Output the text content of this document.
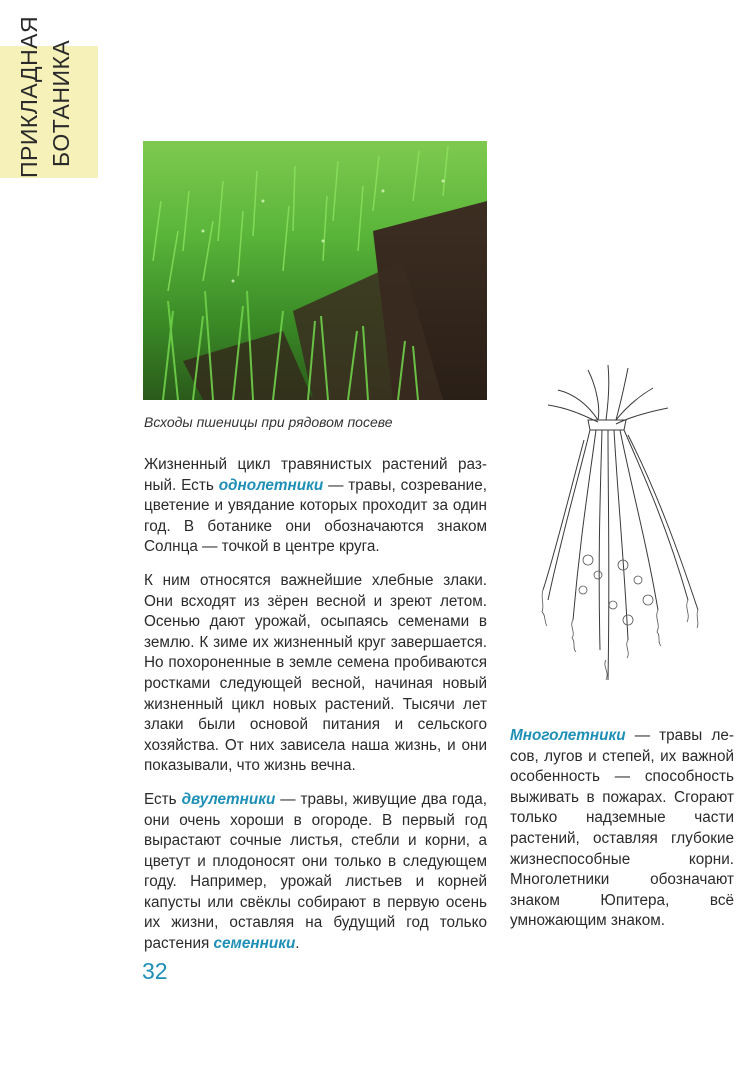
ПРИКЛАДНАЯ БОТАНИКА
Всходы пшеницы при рядовом посеве

Жизненный цикл травянистых растений разный. Есть однолетники — травы, созревание, цветение и увядание которых проходит за один год. В ботанике они обозначаются знаком Солнца — точкой в центре круга.

К ним относятся важнейшие хлебные злаки. Они всходят из зёрен весной и зреют летом. Осенью дают урожай, осыпаясь семенами в землю. К зиме их жизненный круг завершается. Но похороненные в земле семена пробиваются ростками следующей весной, начиная новый жизненный цикл новых растений. Тысячи лет злаки были основой питания и сельского хозяйства. От них зависела наша жизнь, и они показывали, что жизнь вечна.

Есть двулетники — травы, живущие два года, они очень хороши в огороде. В первый год вырастают сочные листья, стебли и корни, а цветут и плодоносят они только в следующем году. Например, урожай листьев и корней капусты или свёклы собирают в первую осень их жизни, оставляя на будущий год только растения семенники.

Многолетники — травы лесов, лугов и степей, их важной особенность — способность выживать в пожарах. Сгорают только надземные части растений, оставляя глубокие жизнеспособные корни. Многолетники обозначают знаком Юпитера, всё умножающим знаком.

32
